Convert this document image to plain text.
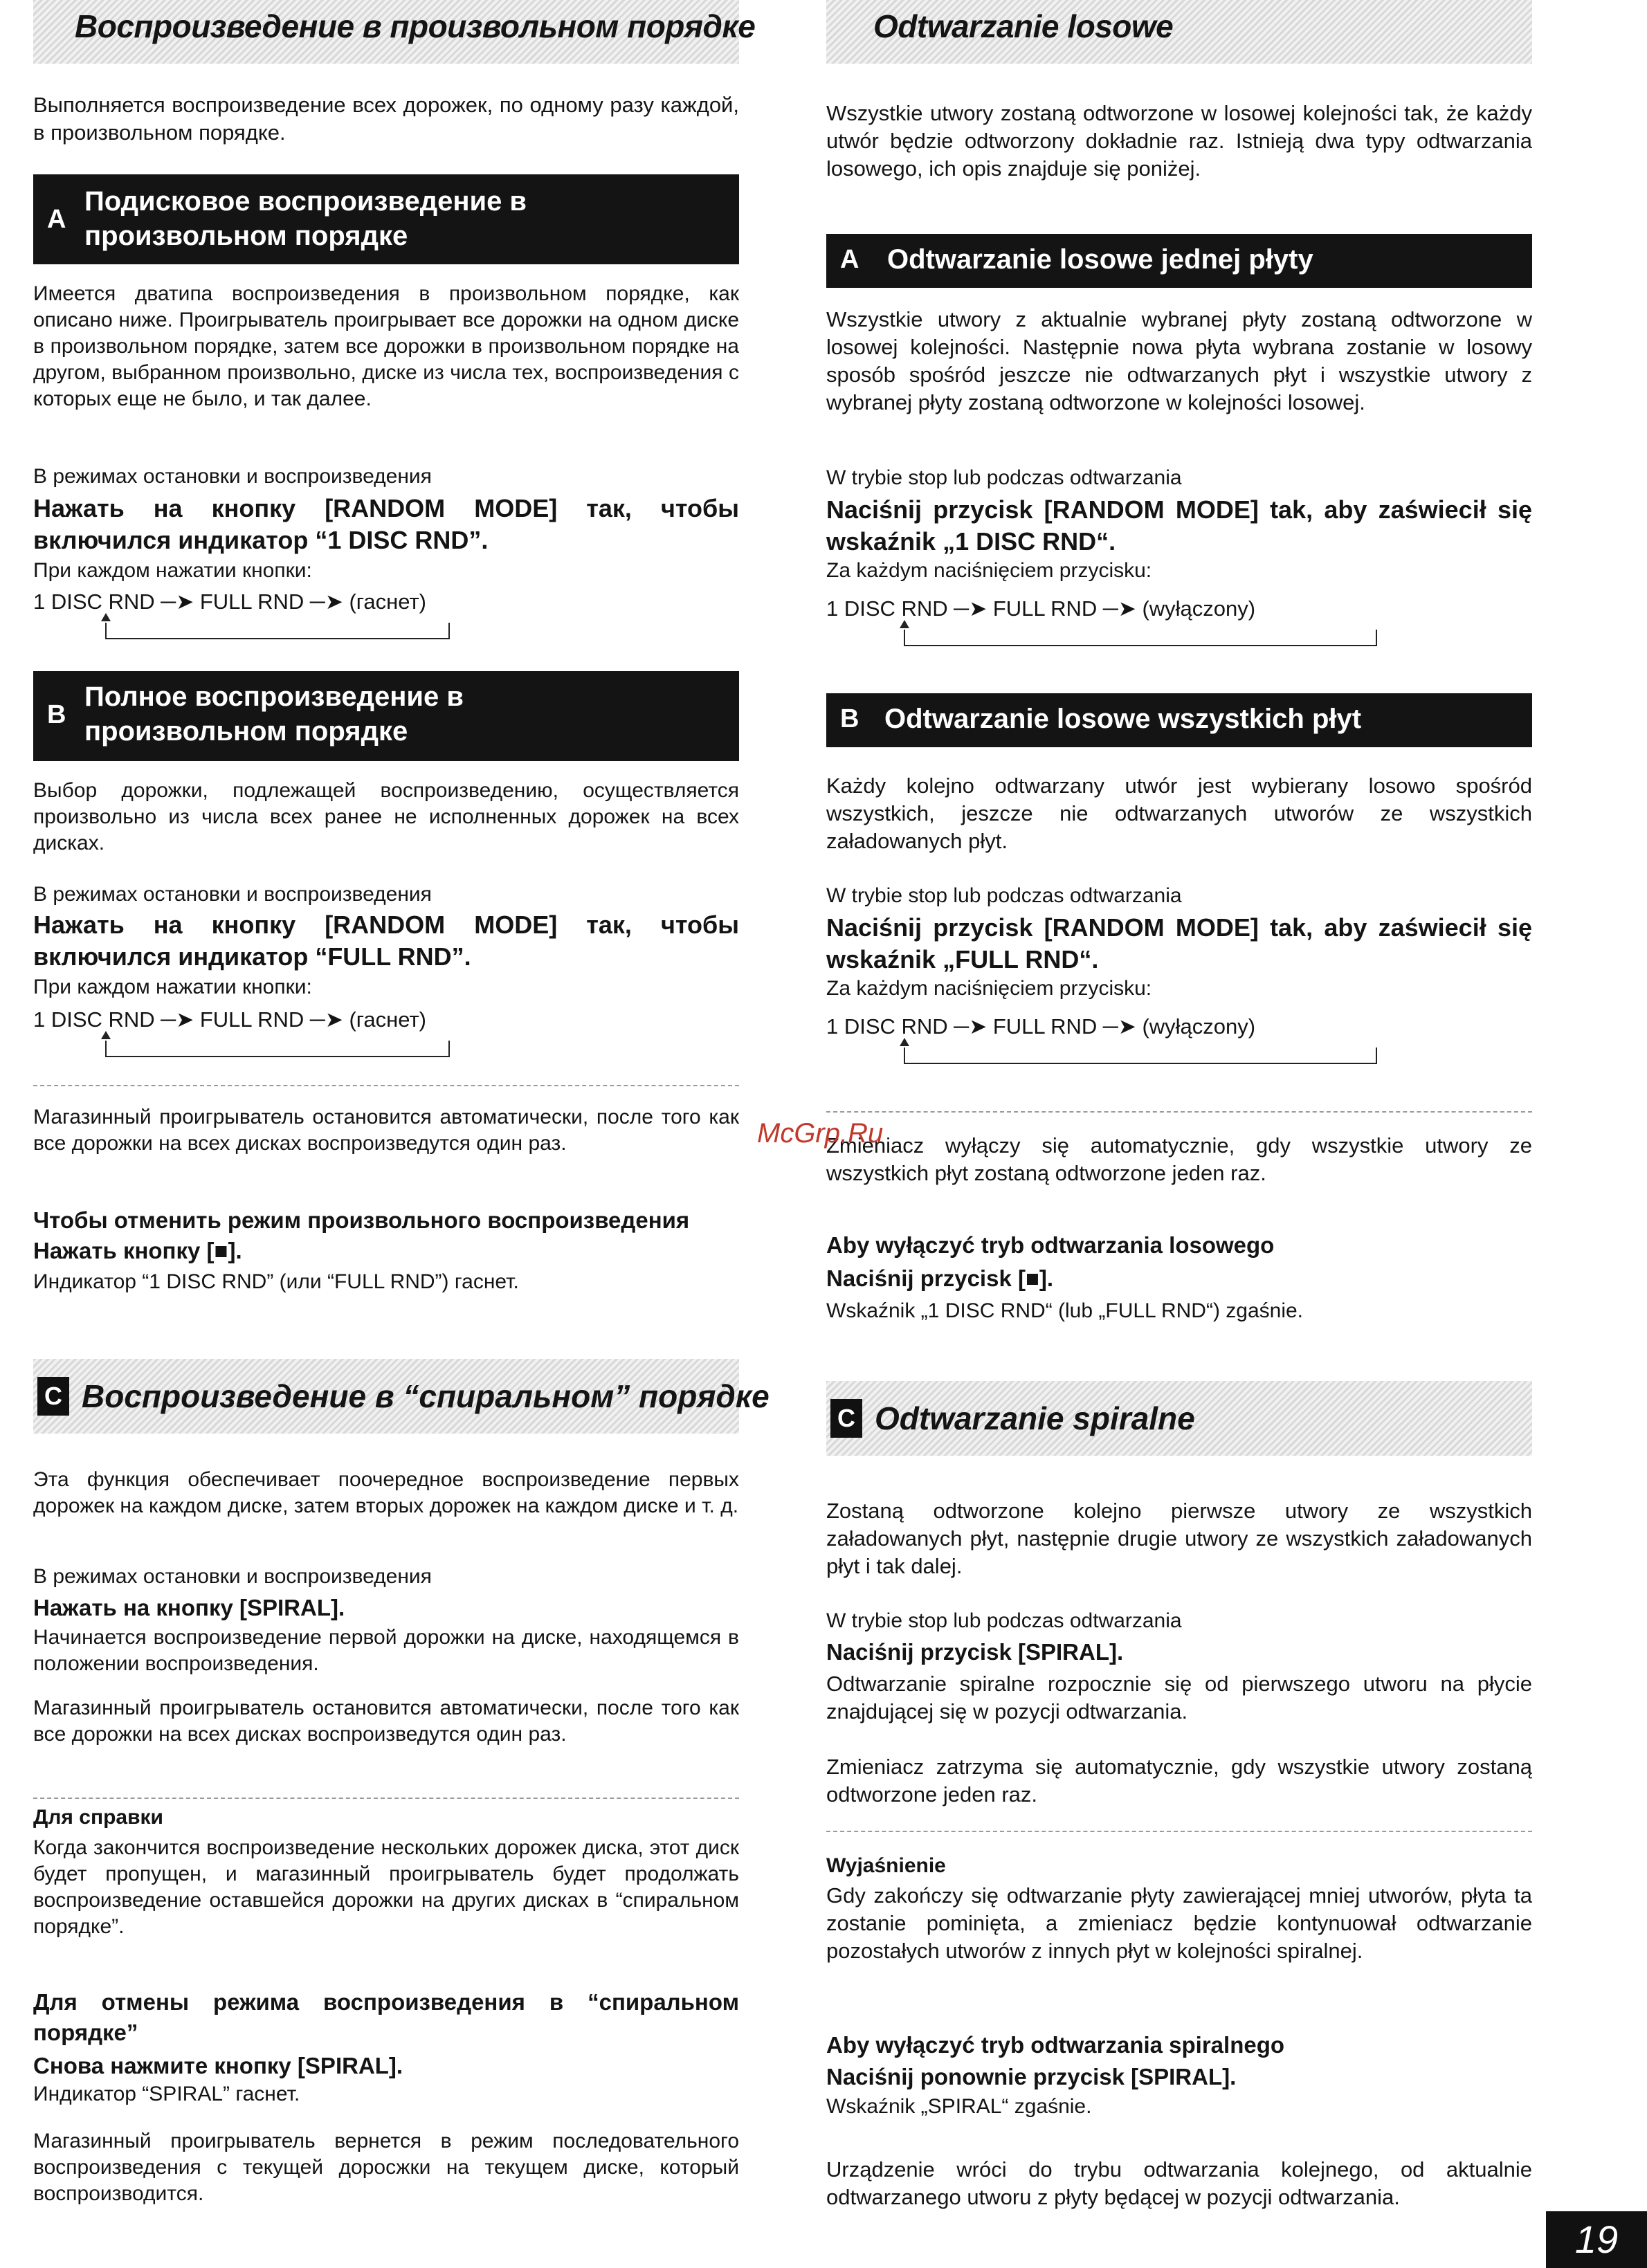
Воспроизведение в произвольном порядке
Выполняется воспроизведение всех дорожек, по одному разу каждой, в произвольном порядке.
A
Подисковое воспроизведение в
произвольном порядке
Имеется дватипа воспроизведения в произвольном порядке, как описано ниже. Проигрыватель проигрывает все дорожки на одном диске в произвольном порядке, затем все дорожки в произвольном порядке на другом, выбранном произвольно, диске из числа тех, воспроизведения с которых еще не было, и так далее.
В режимах остановки и воспроизведения
Нажать на кнопку [RANDOM MODE] так, чтобы включился индикатор “1 DISC RND”.
При каждом нажатии кнопки:
1 DISC RND ─➤ FULL RND ─➤ (гаснет)
B
Полное воспроизведение в
произвольном порядке
Выбор дорожки, подлежащей воспроизведению, осуществляется произвольно из числа всех ранее не исполненных дорожек на всех дисках.
В режимах остановки и воспроизведения
Нажать на кнопку [RANDOM MODE] так, чтобы включился индикатор “FULL RND”.
При каждом нажатии кнопки:
1 DISC RND ─➤ FULL RND ─➤ (гаснет)
Магазинный проигрыватель остановится автоматически, после того как все дорожки на всех дисках воспроизведутся один раз.
Чтобы отменить режим произвольного воспроизведения
Нажать кнопку [■].
Индикатор “1 DISC RND” (или “FULL RND”) гаснет.
C Воспроизведение в “спиральном” порядке
Эта функция обеспечивает поочередное воспроизведение первых дорожек на каждом диске, затем вторых дорожек на каждом диске и т. д.
В режимах остановки и воспроизведения
Нажать на кнопку [SPIRAL].
Начинается воспроизведение первой дорожки на диске, находящемся в положении воспроизведения.
Магазинный проигрыватель остановится автоматически, после того как все дорожки на всех дисках воспроизведутся один раз.
Для справки
Когда закончится воспроизведение нескольких дорожек диска, этот диск будет пропущен, и магазинный проигрыватель будет продолжать воспроизведение оставшейся дорожки на других дисках в “спиральном порядке”.
Для отмены режима воспроизведения в “спиральном порядке”
Снова нажмите кнопку [SPIRAL].
Индикатор “SPIRAL” гаснет.
Магазинный проигрыватель вернется в режим последовательного воспроизведения с текущей доросжки на текущем диске, который воспроизводится.
Odtwarzanie losowe
Wszystkie utwory zostaną odtworzone w losowej kolejności tak, że każdy utwór będzie odtworzony dokładnie raz. Istnieją dwa typy odtwarzania losowego, ich opis znajduje się poniżej.
A Odtwarzanie losowe jednej płyty
Wszystkie utwory z aktualnie wybranej płyty zostaną odtworzone w losowej kolejności. Następnie nowa płyta wybrana zostanie w losowy sposób spośród jeszcze nie odtwarzanych płyt i wszystkie utwory z wybranej płyty zostaną odtworzone w kolejności losowej.
W trybie stop lub podczas odtwarzania
Naciśnij przycisk [RANDOM MODE] tak, aby zaświecił się wskaźnik „1 DISC RND“.
Za każdym naciśnięciem przycisku:
1 DISC RND ─➤ FULL RND ─➤ (wyłączony)
B Odtwarzanie losowe wszystkich płyt
Każdy kolejno odtwarzany utwór jest wybierany losowo spośród wszystkich, jeszcze nie odtwarzanych utworów ze wszystkich załadowanych płyt.
W trybie stop lub podczas odtwarzania
Naciśnij przycisk [RANDOM MODE] tak, aby zaświecił się wskaźnik „FULL RND“.
Za każdym naciśnięciem przycisku:
1 DISC RND ─➤ FULL RND ─➤ (wyłączony)
Zmieniacz wyłączy się automatycznie, gdy wszystkie utwory ze wszystkich płyt zostaną odtworzone jeden raz.
Aby wyłączyć tryb odtwarzania losowego
Naciśnij przycisk [■].
Wskaźnik „1 DISC RND“ (lub „FULL RND“) zgaśnie.
C Odtwarzanie spiralne
Zostaną odtworzone kolejno pierwsze utwory ze wszystkich załadowanych płyt, następnie drugie utwory ze wszystkich załadowanych płyt i tak dalej.
W trybie stop lub podczas odtwarzania
Naciśnij przycisk [SPIRAL].
Odtwarzanie spiralne rozpocznie się od pierwszego utworu na płycie znajdującej się w pozycji odtwarzania.
Zmieniacz zatrzyma się automatycznie, gdy wszystkie utwory zostaną odtworzone jeden raz.
Wyjaśnienie
Gdy zakończy się odtwarzanie płyty zawierającej mniej utworów, płyta ta zostanie pominięta, a zmieniacz będzie kontynuował odtwarzanie pozostałych utworów z innych płyt w kolejności spiralnej.
Aby wyłączyć tryb odtwarzania spiralnego
Naciśnij ponownie przycisk [SPIRAL].
Wskaźnik „SPIRAL“ zgaśnie.
Urządzenie wróci do trybu odtwarzania kolejnego, od aktualnie odtwarzanego utworu z płyty będącej w pozycji odtwarzania.
McGrp.Ru
19
